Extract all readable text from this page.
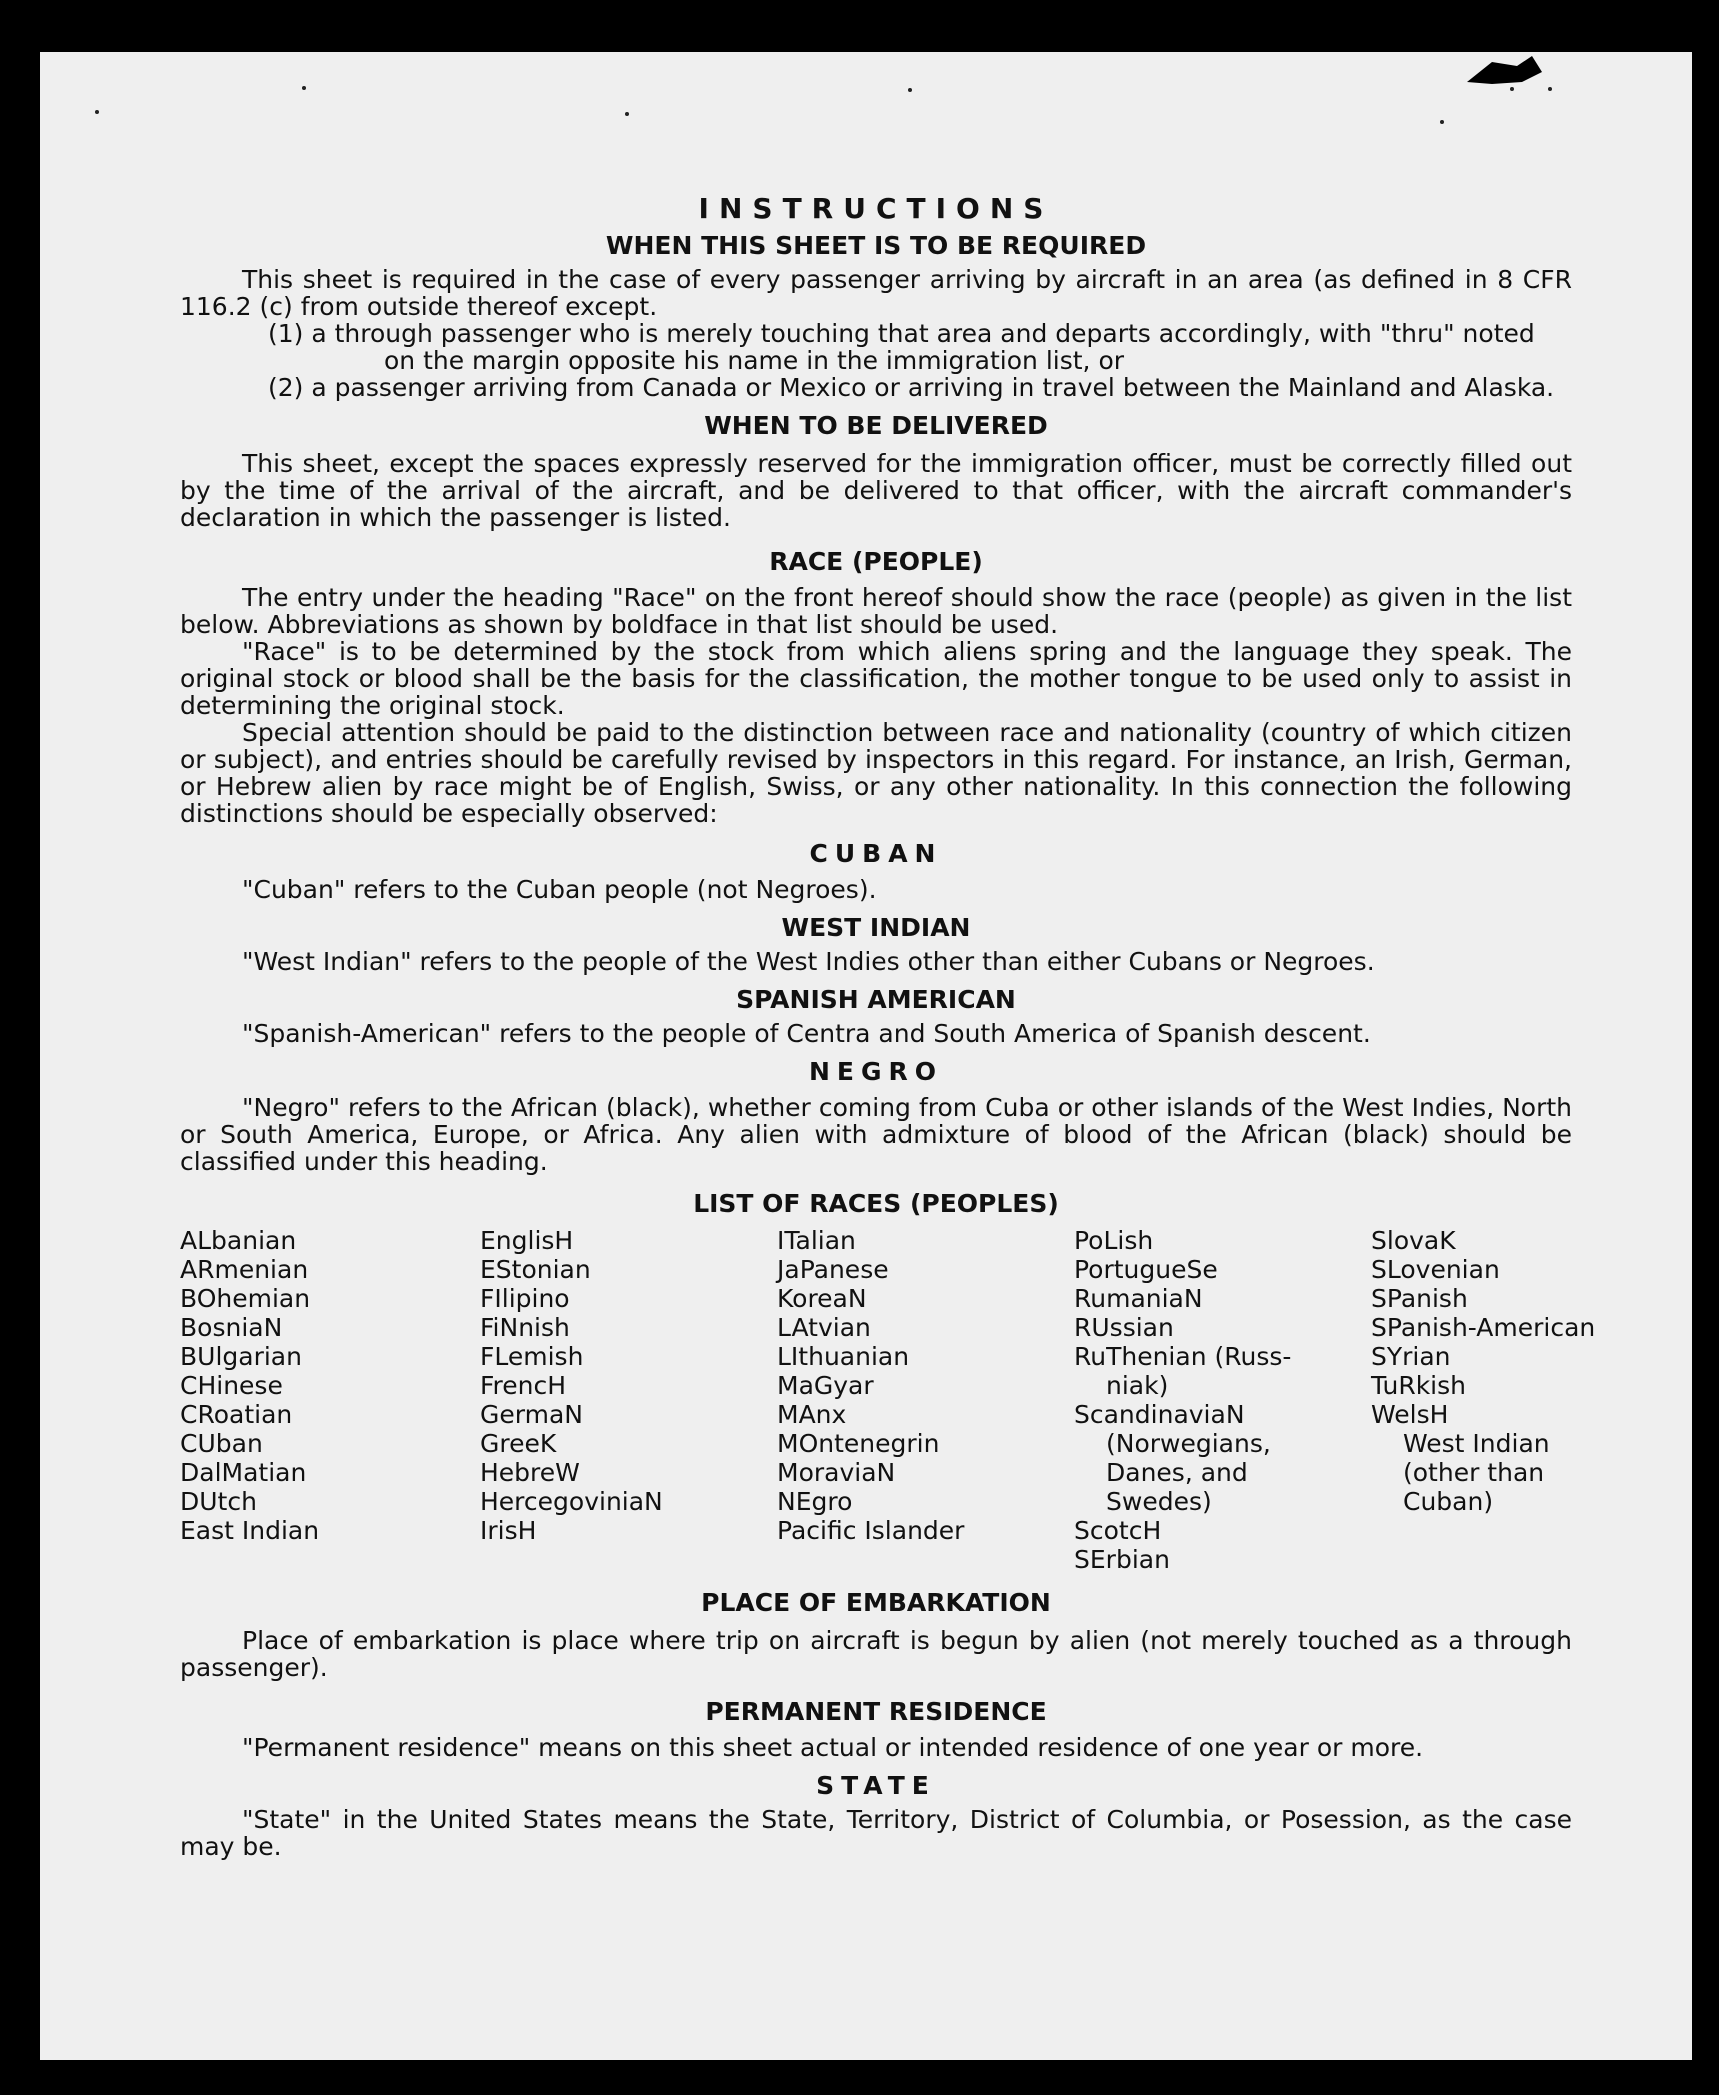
INSTRUCTIONS
WHEN THIS SHEET IS TO BE REQUIRED

This sheet is required in the case of every passenger arriving by aircraft in an area (as defined in 8 CFR 116.2 (c) from outside thereof except.

(1) a through passenger who is merely touching that area and departs accordingly, with "thru" noted

on the margin opposite his name in the immigration list, or

(2) a passenger arriving from Canada or Mexico or arriving in travel between the Mainland and Alaska.

WHEN TO BE DELIVERED

This sheet, except the spaces expressly reserved for the immigration officer, must be correctly filled out by the time of the arrival of the aircraft, and be delivered to that officer, with the aircraft commander's declaration in which the passenger is listed.

RACE (PEOPLE)

The entry under the heading "Race" on the front hereof should show the race (people) as given in the list below. Abbreviations as shown by boldface in that list should be used.

"Race" is to be determined by the stock from which aliens spring and the language they speak. The original stock or blood shall be the basis for the classification, the mother tongue to be used only to assist in determining the original stock.

Special attention should be paid to the distinction between race and nationality (country of which citizen or subject), and entries should be carefully revised by inspectors in this regard. For instance, an Irish, German, or Hebrew alien by race might be of English, Swiss, or any other nationality. In this connection the following distinctions should be especially observed:

CUBAN

"Cuban" refers to the Cuban people (not Negroes).

WEST INDIAN

"West Indian" refers to the people of the West Indies other than either Cubans or Negroes.

SPANISH AMERICAN

"Spanish-American" refers to the people of Centra and South America of Spanish descent.

NEGRO

"Negro" refers to the African (black), whether coming from Cuba or other islands of the West Indies, North or South America, Europe, or Africa. Any alien with admixture of blood of the African (black) should be classified under this heading.

LIST OF RACES (PEOPLES)
ALbanian
ARmenian
BOhemian
BosniaN
BUlgarian
CHinese
CRoatian
CUban
DalMatian
DUtch
East Indian
EnglisH
EStonian
FIlipino
FiNnish
FLemish
FrencH
GermaN
GreeK
HebreW
HercegoviniaN
IrisH
ITalian
JaPanese
KoreaN
LAtvian
LIthuanian
MaGyar
MAnx
MOntenegrin
MoraviaN
NEgro
Pacific Islander
PoLish
PortugueSe
RumaniaN
RUssian
RuThenian (Russ-
niak)
ScandinaviaN
(Norwegians,
Danes, and
Swedes)
ScotcH
SErbian
SlovaK
SLovenian
SPanish
SPanish-American
SYrian
TuRkish
WelsH
West Indian (other than Cuban)
PLACE OF EMBARKATION

Place of embarkation is place where trip on aircraft is begun by alien (not merely touched as a through passenger).

PERMANENT RESIDENCE

"Permanent residence" means on this sheet actual or intended residence of one year or more.

STATE

"State" in the United States means the State, Territory, District of Columbia, or Posession, as the case may be.
